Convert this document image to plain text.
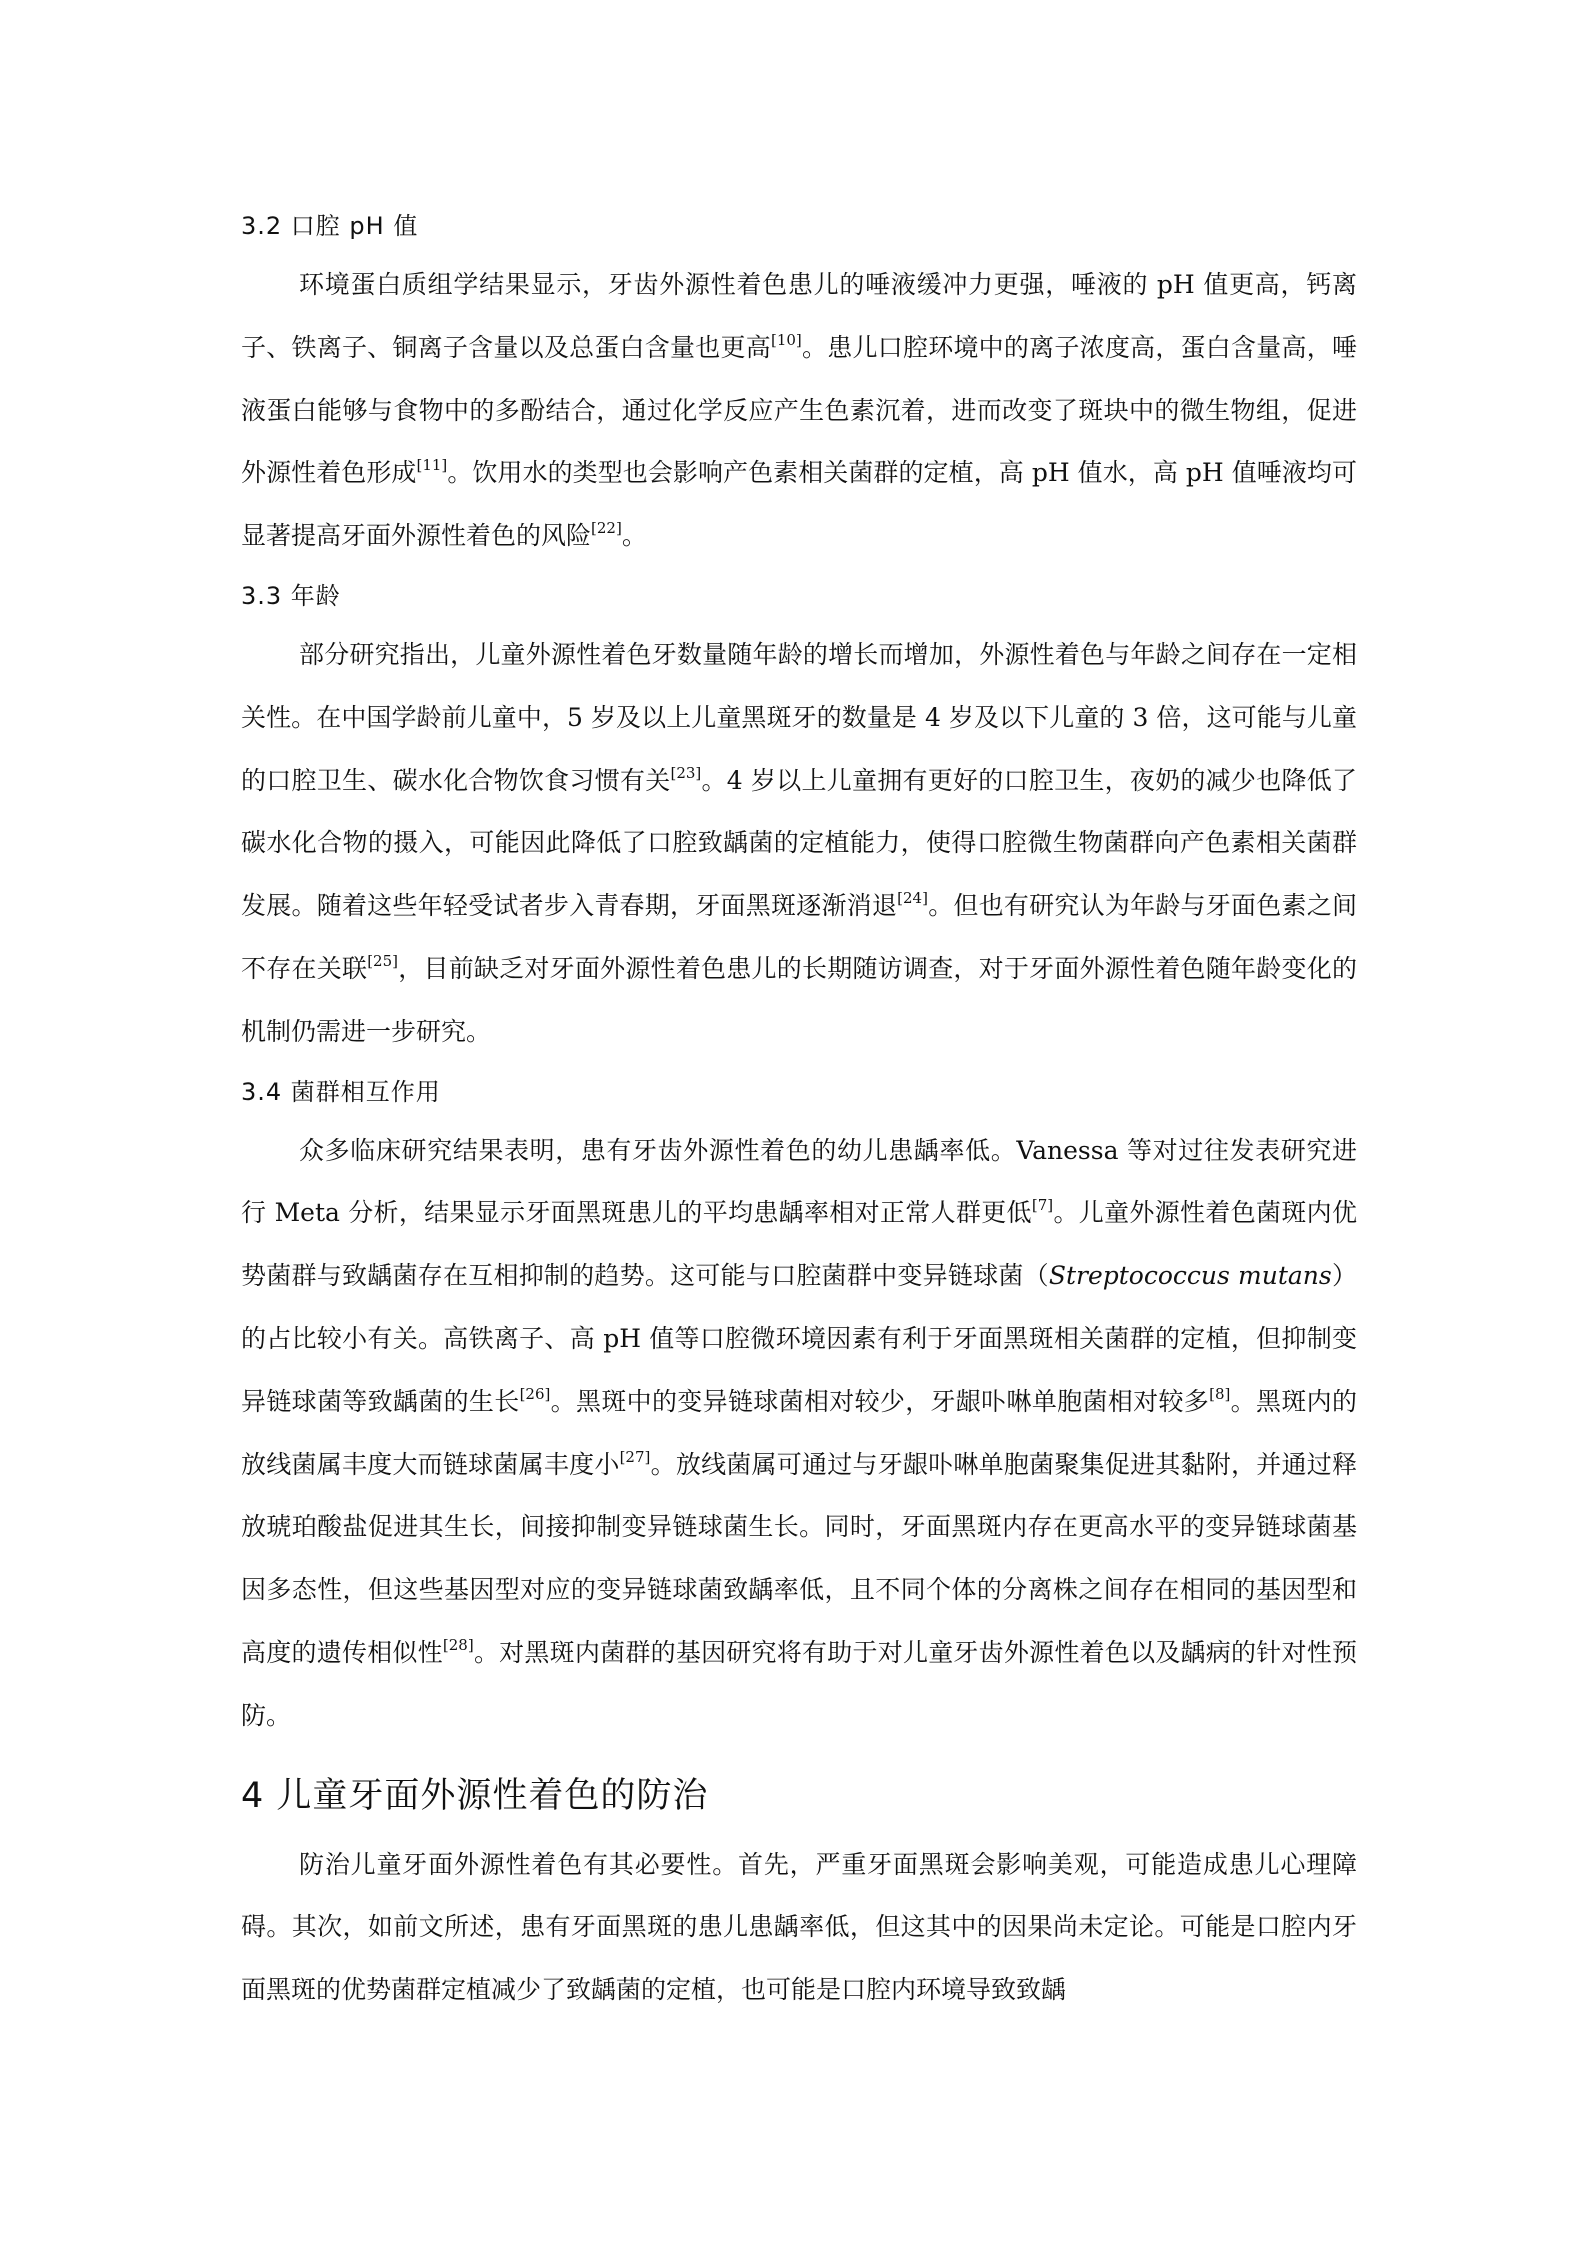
3.2 口腔 pH 值

环境蛋白质组学结果显示，牙齿外源性着色患儿的唾液缓冲力更强，唾液的 pH 值更高，钙离子、铁离子、铜离子含量以及总蛋白含量也更高[10]。患儿口腔环境中的离子浓度高，蛋白含量高，唾液蛋白能够与食物中的多酚结合，通过化学反应产生色素沉着，进而改变了斑块中的微生物组，促进外源性着色形成[11]。饮用水的类型也会影响产色素相关菌群的定植，高 pH 值水，高 pH 值唾液均可显著提高牙面外源性着色的风险[22]。

3.3 年龄

部分研究指出，儿童外源性着色牙数量随年龄的增长而增加，外源性着色与年龄之间存在一定相关性。在中国学龄前儿童中，5 岁及以上儿童黑斑牙的数量是 4 岁及以下儿童的 3 倍，这可能与儿童的口腔卫生、碳水化合物饮食习惯有关[23]。4 岁以上儿童拥有更好的口腔卫生，夜奶的减少也降低了碳水化合物的摄入，可能因此降低了口腔致龋菌的定植能力，使得口腔微生物菌群向产色素相关菌群发展。随着这些年轻受试者步入青春期，牙面黑斑逐渐消退[24]。但也有研究认为年龄与牙面色素之间不存在关联[25]，目前缺乏对牙面外源性着色患儿的长期随访调查，对于牙面外源性着色随年龄变化的机制仍需进一步研究。

3.4 菌群相互作用

众多临床研究结果表明，患有牙齿外源性着色的幼儿患龋率低。Vanessa 等对过往发表研究进行 Meta 分析，结果显示牙面黑斑患儿的平均患龋率相对正常人群更低[7]。儿童外源性着色菌斑内优势菌群与致龋菌存在互相抑制的趋势。这可能与口腔菌群中变异链球菌（Streptococcus mutans）的占比较小有关。高铁离子、高 pH 值等口腔微环境因素有利于牙面黑斑相关菌群的定植，但抑制变异链球菌等致龋菌的生长[26]。黑斑中的变异链球菌相对较少，牙龈卟啉单胞菌相对较多[8]。黑斑内的放线菌属丰度大而链球菌属丰度小[27]。放线菌属可通过与牙龈卟啉单胞菌聚集促进其黏附，并通过释放琥珀酸盐促进其生长，间接抑制变异链球菌生长。同时，牙面黑斑内存在更高水平的变异链球菌基因多态性，但这些基因型对应的变异链球菌致龋率低，且不同个体的分离株之间存在相同的基因型和高度的遗传相似性[28]。对黑斑内菌群的基因研究将有助于对儿童牙齿外源性着色以及龋病的针对性预防。

4 儿童牙面外源性着色的防治

防治儿童牙面外源性着色有其必要性。首先，严重牙面黑斑会影响美观，可能造成患儿心理障碍。其次，如前文所述，患有牙面黑斑的患儿患龋率低，但这其中的因果尚未定论。可能是口腔内牙面黑斑的优势菌群定植减少了致龋菌的定植，也可能是口腔内环境导致致龋
